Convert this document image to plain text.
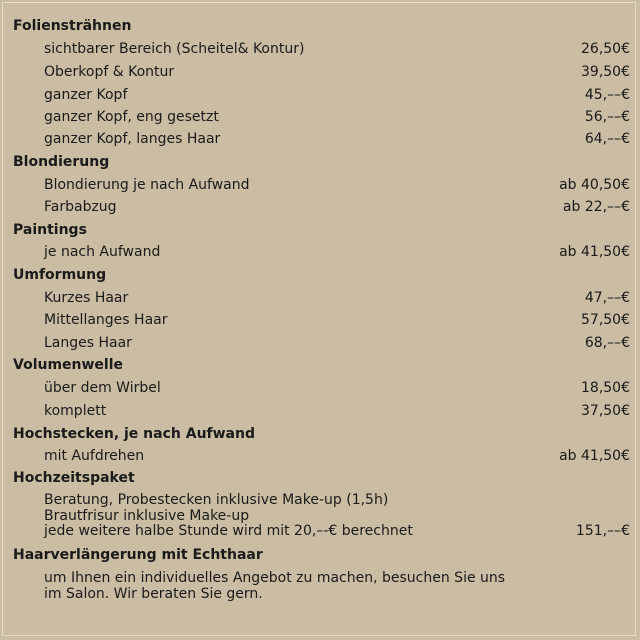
Foliensträhnen
sichtbarer Bereich (Scheitel& Kontur)	26,50€
Oberkopf & Kontur	39,50€
ganzer Kopf	45,––€
ganzer Kopf, eng gesetzt	56,––€
ganzer Kopf, langes Haar	64,––€
Blondierung
Blondierung je nach Aufwand	ab 40,50€
Farbabzug	ab 22,––€
Paintings
je nach Aufwand	ab 41,50€
Umformung
Kurzes Haar	47,––€
Mittellanges Haar	57,50€
Langes Haar	68,––€
Volumenwelle
über dem Wirbel	18,50€
komplett	37,50€
Hochstecken, je nach Aufwand
mit Aufdrehen	ab 41,50€
Hochzeitspaket
Beratung, Probestecken inklusive Make-up (1,5h)
Brautfrisur inklusive Make-up
jede weitere halbe Stunde wird mit 20,–-€ berechnet	151,––€
Haarverlängerung mit Echthaar
um Ihnen ein individuelles Angebot zu machen, besuchen Sie uns
im Salon. Wir beraten Sie gern.
